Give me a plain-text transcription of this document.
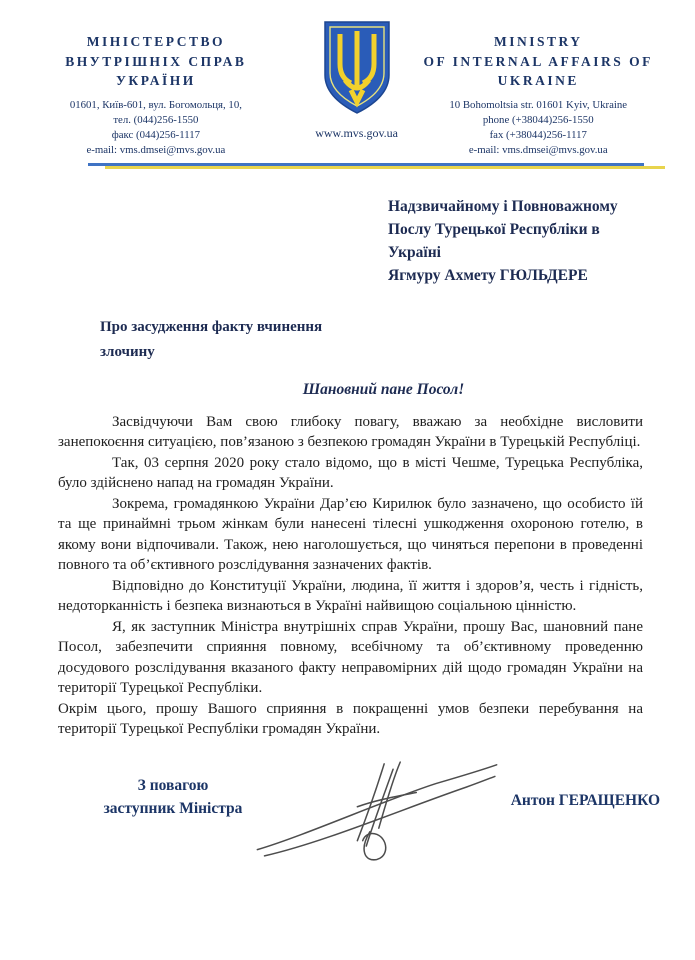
МІНІСТЕРСТВО
ВНУТРІШНІХ СПРАВ
УКРАЇНИ
01601, Київ-601, вул. Богомольця, 10,
тел. (044)256-1550
факс (044)256-1117
e-mail: vms.dmsei@mvs.gov.ua
www.mvs.gov.ua
MINISTRY
OF INTERNAL AFFAIRS OF
UKRAINE
10 Bohomoltsia str. 01601 Kyiv, Ukraine
phone (+38044)256-1550
fax (+38044)256-1117
e-mail: vms.dmsei@mvs.gov.ua
Надзвичайному і Повноважному
Послу Турецької Республіки в
Україні
Ягмуру Ахмету ГЮЛЬДЕРЕ
Про засудження факту вчинення
злочину
Шановний пане Посол!

Засвідчуючи Вам свою глибоку повагу, вважаю за необхідне висловити занепокоєння ситуацією, пов’язаною з безпекою громадян України в Турецькій Республіці.

Так, 03 серпня 2020 року стало відомо, що в місті Чешме, Турецька Республіка, було здійснено напад на громадян України.

Зокрема, громадянкою України Дар’єю Кирилюк було зазначено, що особисто їй та ще принаймні трьом жінкам були нанесені тілесні ушкодження охороною готелю, в якому вони відпочивали. Також, нею наголошується, що чиняться перепони в проведенні повного та об’єктивного розслідування зазначених фактів.

Відповідно до Конституції України, людина, її життя і здоров’я, честь і гідність, недоторканність і безпека визнаються в Україні найвищою соціальною цінністю.

Я, як заступник Міністра внутрішніх справ України, прошу Вас, шановний пане Посол, забезпечити сприяння повному, всебічному та об’єктивному проведенню досудового розслідування вказаного факту неправомірних дій щодо громадян України на території Турецької Республіки.

Окрім цього, прошу Вашого сприяння в покращенні умов безпеки перебування на території Турецької Республіки громадян України.

З повагою
заступник Міністра	Антон ГЕРАЩЕНКО
